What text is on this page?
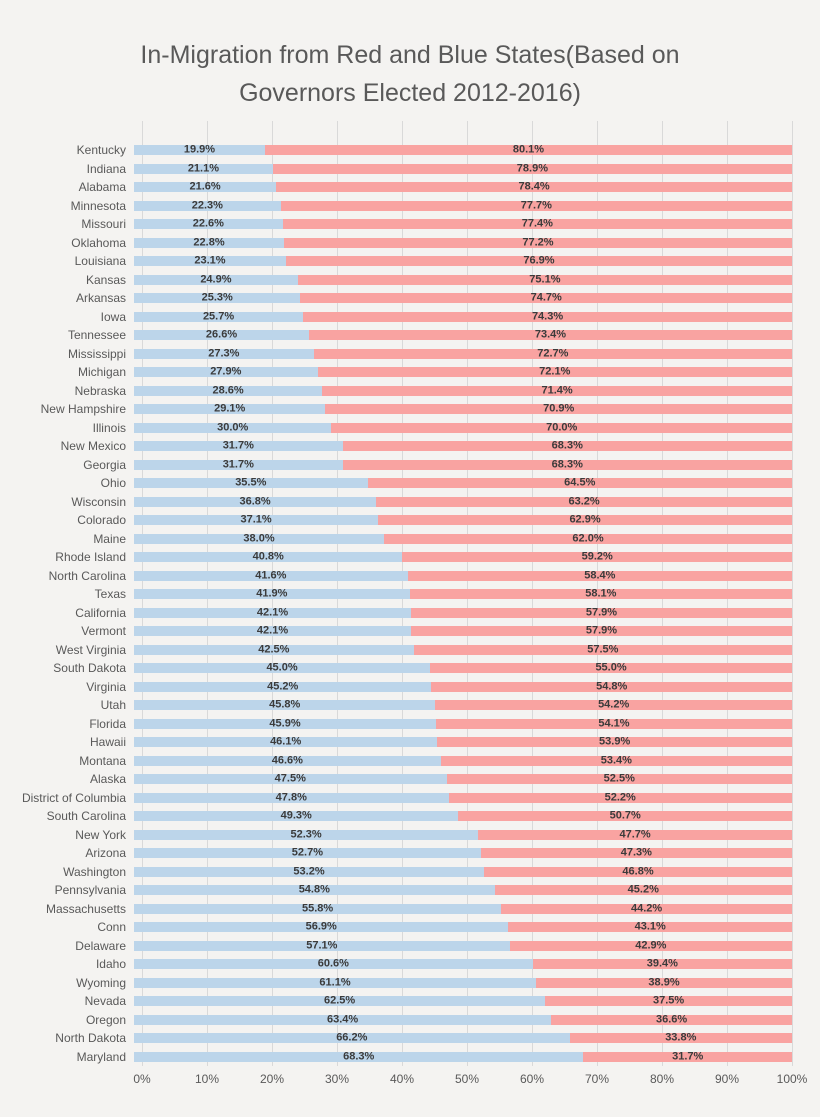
In-Migration from Red and Blue States(Based on
Governors Elected 2012-2016)
Kentucky	19.9%	80.1%
Indiana	21.1%	78.9%
Alabama	21.6%	78.4%
Minnesota	22.3%	77.7%
Missouri	22.6%	77.4%
Oklahoma	22.8%	77.2%
Louisiana	23.1%	76.9%
Kansas	24.9%	75.1%
Arkansas	25.3%	74.7%
Iowa	25.7%	74.3%
Tennessee	26.6%	73.4%
Mississippi	27.3%	72.7%
Michigan	27.9%	72.1%
Nebraska	28.6%	71.4%
New Hampshire	29.1%	70.9%
Illinois	30.0%	70.0%
New Mexico	31.7%	68.3%
Georgia	31.7%	68.3%
Ohio	35.5%	64.5%
Wisconsin	36.8%	63.2%
Colorado	37.1%	62.9%
Maine	38.0%	62.0%
Rhode Island	40.8%	59.2%
North Carolina	41.6%	58.4%
Texas	41.9%	58.1%
California	42.1%	57.9%
Vermont	42.1%	57.9%
West Virginia	42.5%	57.5%
South Dakota	45.0%	55.0%
Virginia	45.2%	54.8%
Utah	45.8%	54.2%
Florida	45.9%	54.1%
Hawaii	46.1%	53.9%
Montana	46.6%	53.4%
Alaska	47.5%	52.5%
District of Columbia	47.8%	52.2%
South Carolina	49.3%	50.7%
New York	52.3%	47.7%
Arizona	52.7%	47.3%
Washington	53.2%	46.8%
Pennsylvania	54.8%	45.2%
Massachusetts	55.8%	44.2%
Conn	56.9%	43.1%
Delaware	57.1%	42.9%
Idaho	60.6%	39.4%
Wyoming	61.1%	38.9%
Nevada	62.5%	37.5%
Oregon	63.4%	36.6%
North Dakota	66.2%	33.8%
Maryland	68.3%	31.7%
0%	10%	20%	30%	40%	50%	60%	70%	80%	90%	100%
